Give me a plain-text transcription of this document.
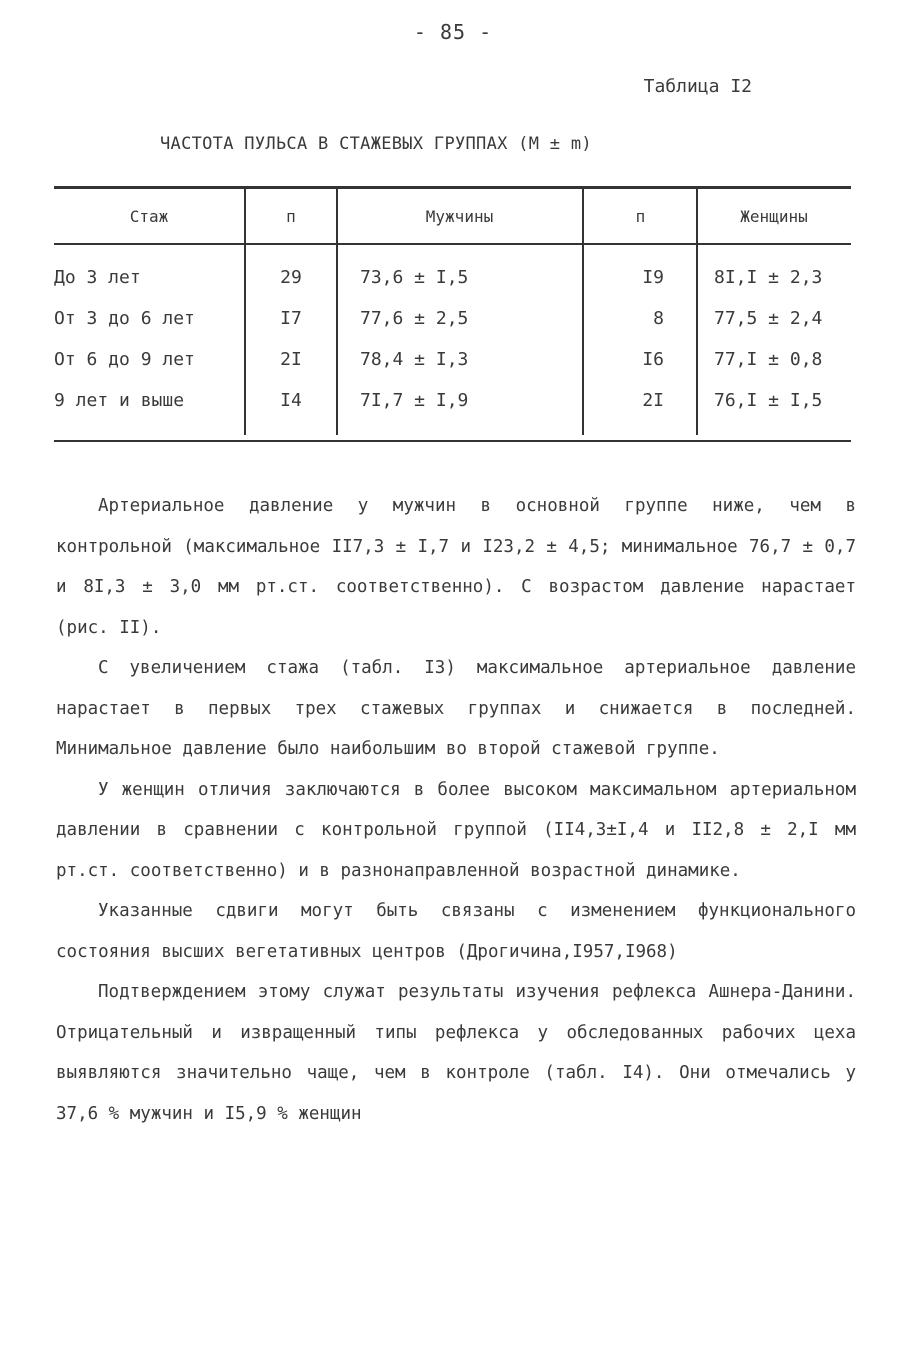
- 85 -
Таблица I2
ЧАСТОТА ПУЛЬСА В СТАЖЕВЫХ ГРУППАХ (М ± m)
Стаж	п	Мужчины	п	Женщины
До 3 лет	29	73,6 ± I,5	I9	8I,I ± 2,3
От 3 до 6 лет	I7	77,6 ± 2,5	8	77,5 ± 2,4
От 6 до 9 лет	2I	78,4 ± I,3	I6	77,I ± 0,8
9 лет и выше	I4	7I,7 ± I,9	2I	76,I ± I,5

Артериальное давление у мужчин в основной группе ниже, чем в контрольной (максимальное II7,3 ± I,7 и I23,2 ± 4,5; минимальное 76,7 ± 0,7 и 8I,3 ± 3,0 мм рт.ст. соответственно). С возрастом давление нарастает (рис. II).

С увеличением стажа (табл. I3) максимальное артериальное давление нарастает в первых трех стажевых группах и снижается в последней. Минимальное давление было наибольшим во второй стажевой группе.

У женщин отличия заключаются в более высоком максимальном артериальном давлении в сравнении с контрольной группой (II4,3±I,4 и II2,8 ± 2,I мм рт.ст. соответственно) и в разнонаправленной возрастной динамике.

Указанные сдвиги могут быть связаны с изменением функционального состояния высших вегетативных центров (Дрогичина,I957,I968)

Подтверждением этому служат результаты изучения рефлекса Ашнера-Данини. Отрицательный и извращенный типы рефлекса у обследованных рабочих цеха выявляются значительно чаще, чем в контроле (табл. I4). Они отмечались у 37,6 % мужчин и I5,9 % женщин
